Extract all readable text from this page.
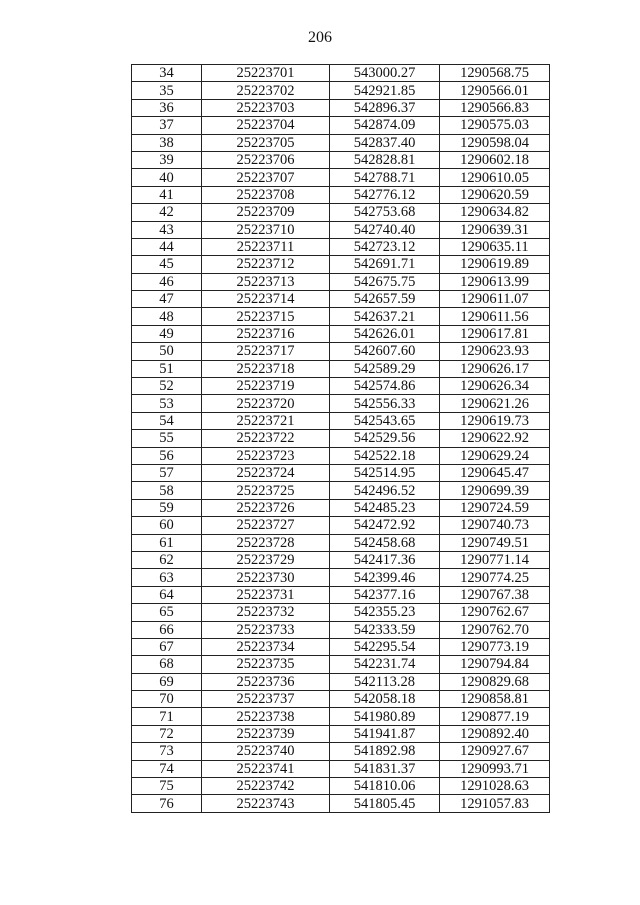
206
34	25223701	543000.27	1290568.75
35	25223702	542921.85	1290566.01
36	25223703	542896.37	1290566.83
37	25223704	542874.09	1290575.03
38	25223705	542837.40	1290598.04
39	25223706	542828.81	1290602.18
40	25223707	542788.71	1290610.05
41	25223708	542776.12	1290620.59
42	25223709	542753.68	1290634.82
43	25223710	542740.40	1290639.31
44	25223711	542723.12	1290635.11
45	25223712	542691.71	1290619.89
46	25223713	542675.75	1290613.99
47	25223714	542657.59	1290611.07
48	25223715	542637.21	1290611.56
49	25223716	542626.01	1290617.81
50	25223717	542607.60	1290623.93
51	25223718	542589.29	1290626.17
52	25223719	542574.86	1290626.34
53	25223720	542556.33	1290621.26
54	25223721	542543.65	1290619.73
55	25223722	542529.56	1290622.92
56	25223723	542522.18	1290629.24
57	25223724	542514.95	1290645.47
58	25223725	542496.52	1290699.39
59	25223726	542485.23	1290724.59
60	25223727	542472.92	1290740.73
61	25223728	542458.68	1290749.51
62	25223729	542417.36	1290771.14
63	25223730	542399.46	1290774.25
64	25223731	542377.16	1290767.38
65	25223732	542355.23	1290762.67
66	25223733	542333.59	1290762.70
67	25223734	542295.54	1290773.19
68	25223735	542231.74	1290794.84
69	25223736	542113.28	1290829.68
70	25223737	542058.18	1290858.81
71	25223738	541980.89	1290877.19
72	25223739	541941.87	1290892.40
73	25223740	541892.98	1290927.67
74	25223741	541831.37	1290993.71
75	25223742	541810.06	1291028.63
76	25223743	541805.45	1291057.83
